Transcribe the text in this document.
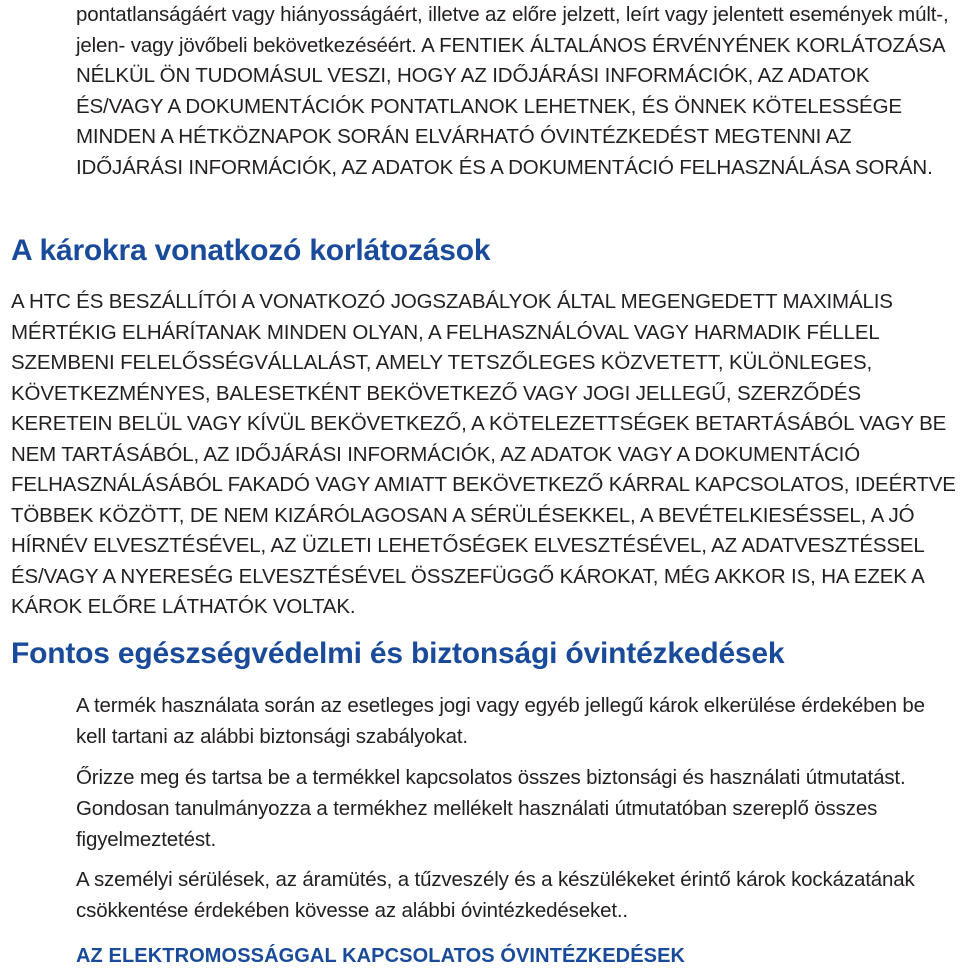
pontatlanságáért vagy hiányosságáért, illetve az előre jelzett, leírt vagy jelentett események múlt-, jelen- vagy jövőbeli bekövetkezéséért. A FENTIEK ÁLTALÁNOS ÉRVÉNYÉNEK KORLÁTOZÁSA NÉLKÜL ÖN TUDOMÁSUL VESZI, HOGY AZ IDŐJÁRÁSI INFORMÁCIÓK, AZ ADATOK ÉS/VAGY A DOKUMENTÁCIÓK PONTATLANOK LEHETNEK, ÉS ÖNNEK KÖTELESSÉGE MINDEN A HÉTKÖZNAPOK SORÁN ELVÁRHATÓ ÓVINTÉZKEDÉST MEGTENNI AZ IDŐJÁRÁSI INFORMÁCIÓK, AZ ADATOK ÉS A DOKUMENTÁCIÓ FELHASZNÁLÁSA SORÁN.

A károkra vonatkozó korlátozások

A HTC ÉS BESZÁLLÍTÓI A VONATKOZÓ JOGSZABÁLYOK ÁLTAL MEGENGEDETT MAXIMÁLIS MÉRTÉKIG ELHÁRÍTANAK MINDEN OLYAN, A FELHASZNÁLÓVAL VAGY HARMADIK FÉLLEL SZEMBENI FELELŐSSÉGVÁLLALÁST, AMELY TETSZŐLEGES KÖZVETETT, KÜLÖNLEGES, KÖVETKEZMÉNYES, BALESETKÉNT BEKÖVETKEZŐ VAGY JOGI JELLEGŰ, SZERZŐDÉS KERETEIN BELÜL VAGY KÍVÜL BEKÖVETKEZŐ, A KÖTELEZETTSÉGEK BETARTÁSÁBÓL VAGY BE NEM TARTÁSÁBÓL, AZ IDŐJÁRÁSI INFORMÁCIÓK, AZ ADATOK VAGY A DOKUMENTÁCIÓ FELHASZNÁLÁSÁBÓL FAKADÓ VAGY AMIATT BEKÖVETKEZŐ KÁRRAL KAPCSOLATOS, IDEÉRTVE TÖBBEK KÖZÖTT, DE NEM KIZÁRÓLAGOSAN A SÉRÜLÉSEKKEL, A BEVÉTELKIESÉSSEL, A JÓ HÍRNÉV ELVESZTÉSÉVEL, AZ ÜZLETI LEHETŐSÉGEK ELVESZTÉSÉVEL, AZ ADATVESZTÉSSEL ÉS/VAGY A NYERESÉG ELVESZTÉSÉVEL ÖSSZEFÜGGŐ KÁROKAT, MÉG AKKOR IS, HA EZEK A KÁROK ELŐRE LÁTHATÓK VOLTAK.

Fontos egészségvédelmi és biztonsági óvintézkedések

A termék használata során az esetleges jogi vagy egyéb jellegű károk elkerülése érdekében be kell tartani az alábbi biztonsági szabályokat.

Őrizze meg és tartsa be a termékkel kapcsolatos összes biztonsági és használati útmutatást. Gondosan tanulmányozza a termékhez mellékelt használati útmutatóban szereplő összes figyelmeztetést.

A személyi sérülések, az áramütés, a tűzveszély és a készülékeket érintő károk kockázatának csökkentése érdekében kövesse az alábbi óvintézkedéseket..

AZ ELEKTROMOSSÁGGAL KAPCSOLATOS ÓVINTÉZKEDÉSEK
